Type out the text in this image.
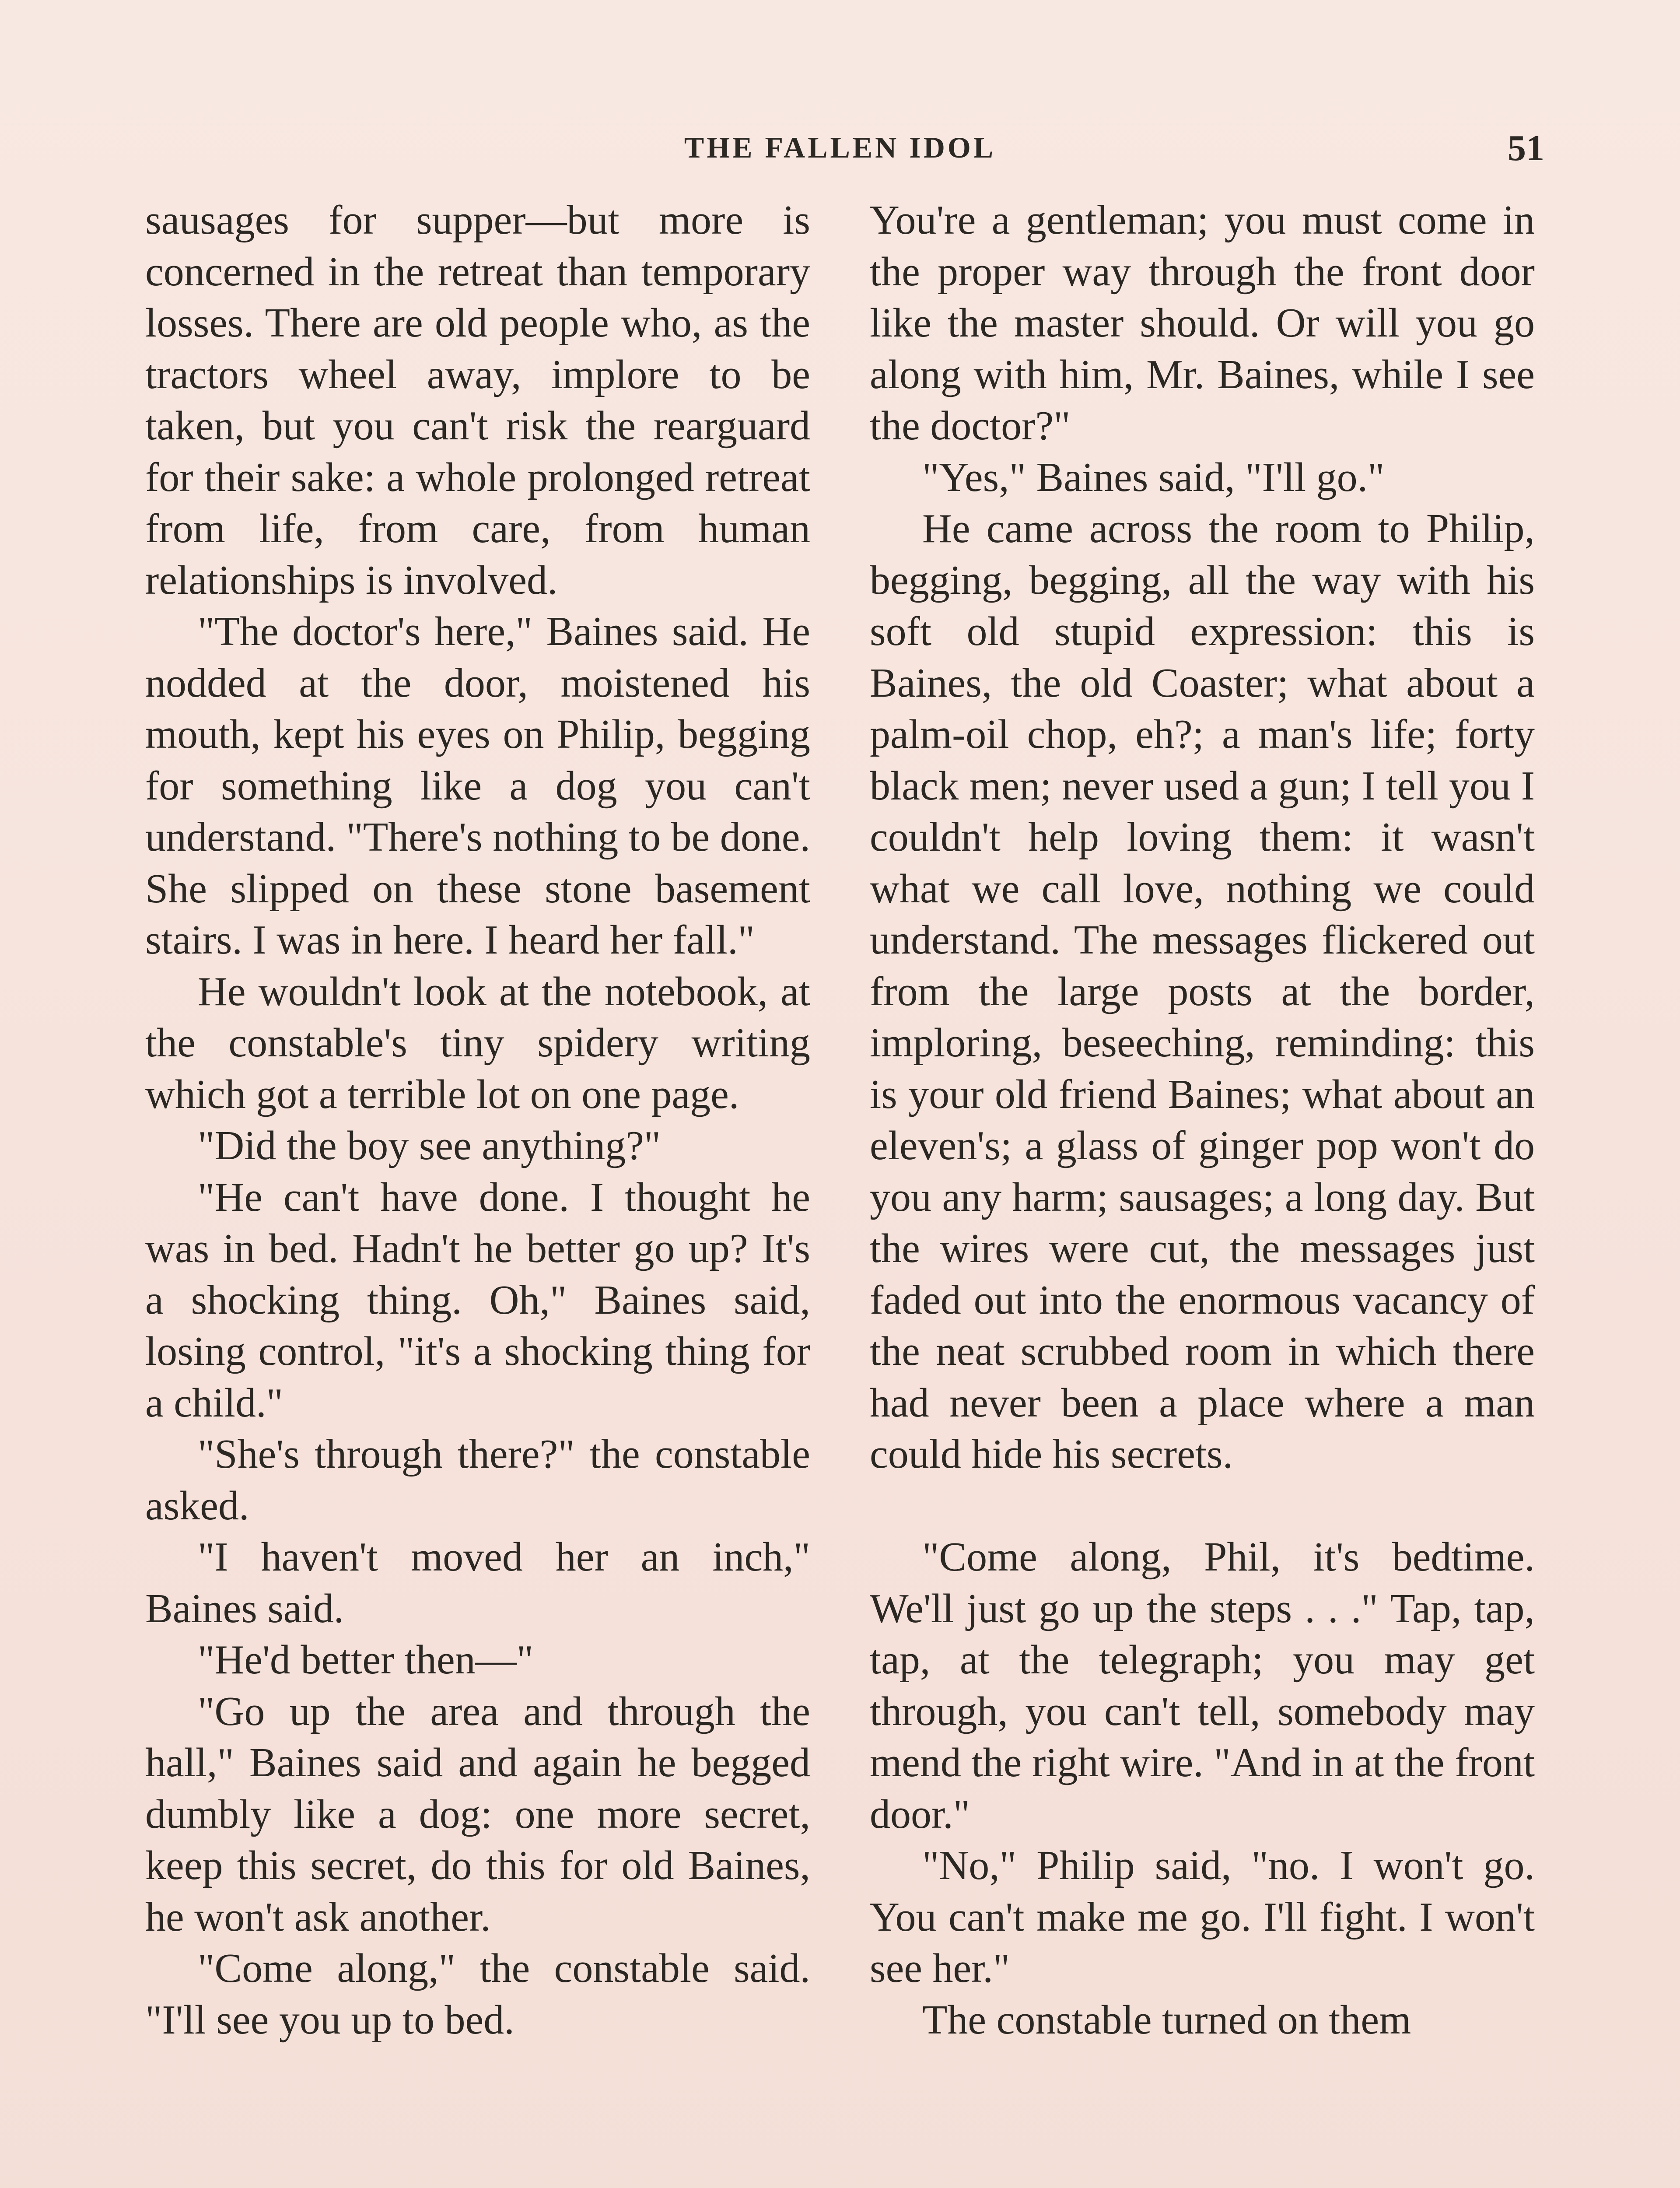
THE FALLEN IDOL	51

sausages for supper—but more is concerned in the retreat than temporary losses. There are old people who, as the tractors wheel away, implore to be taken, but you can't risk the rearguard for their sake: a whole prolonged retreat from life, from care, from human relationships is involved.

"The doctor's here," Baines said. He nodded at the door, moistened his mouth, kept his eyes on Philip, begging for something like a dog you can't understand. "There's nothing to be done. She slipped on these stone basement stairs. I was in here. I heard her fall."

He wouldn't look at the notebook, at the constable's tiny spidery writing which got a terrible lot on one page.

"Did the boy see anything?"

"He can't have done. I thought he was in bed. Hadn't he better go up? It's a shocking thing. Oh," Baines said, losing control, "it's a shocking thing for a child."

"She's through there?" the constable asked.

"I haven't moved her an inch," Baines said.

"He'd better then—"

"Go up the area and through the hall," Baines said and again he begged dumbly like a dog: one more secret, keep this secret, do this for old Baines, he won't ask another.

"Come along," the constable said. "I'll see you up to bed.

You're a gentleman; you must come in the proper way through the front door like the master should. Or will you go along with him, Mr. Baines, while I see the doctor?"

"Yes," Baines said, "I'll go."

He came across the room to Philip, begging, begging, all the way with his soft old stupid expression: this is Baines, the old Coaster; what about a palm-oil chop, eh?; a man's life; forty black men; never used a gun; I tell you I couldn't help loving them: it wasn't what we call love, nothing we could understand. The messages flickered out from the large posts at the border, imploring, beseeching, reminding: this is your old friend Baines; what about an eleven's; a glass of ginger pop won't do you any harm; sausages; a long day. But the wires were cut, the messages just faded out into the enormous vacancy of the neat scrubbed room in which there had never been a place where a man could hide his secrets.

"Come along, Phil, it's bedtime. We'll just go up the steps . . ." Tap, tap, tap, at the telegraph; you may get through, you can't tell, somebody may mend the right wire. "And in at the front door."

"No," Philip said, "no. I won't go. You can't make me go. I'll fight. I won't see her."

The constable turned on them
